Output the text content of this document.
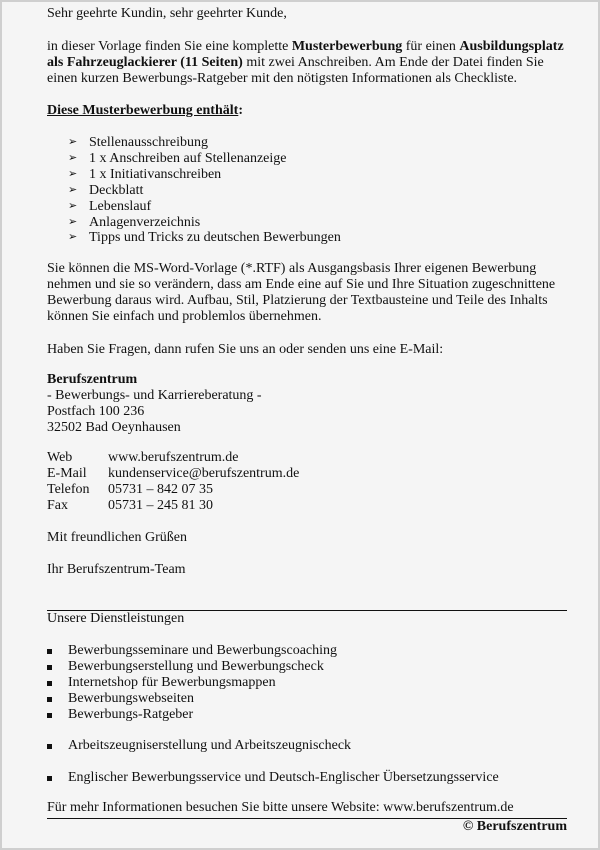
Sehr geehrte Kundin, sehr geehrter Kunde,
in dieser Vorlage finden Sie eine komplette Musterbewerbung für einen Ausbildungsplatz als Fahrzeuglackierer (11 Seiten) mit zwei Anschreiben. Am Ende der Datei finden Sie einen kurzen Bewerbungs-Ratgeber mit den nötigsten Informationen als Checkliste.
Diese Musterbewerbung enthält:
➢ Stellenausschreibung
➢ 1 x Anschreiben auf Stellenanzeige
➢ 1 x Initiativanschreiben
➢ Deckblatt
➢ Lebenslauf
➢ Anlagenverzeichnis
➢ Tipps und Tricks zu deutschen Bewerbungen
Sie können die MS-Word-Vorlage (*.RTF) als Ausgangsbasis Ihrer eigenen Bewerbung nehmen und sie so verändern, dass am Ende eine auf Sie und Ihre Situation zugeschnittene Bewerbung daraus wird. Aufbau, Stil, Platzierung der Textbausteine und Teile des Inhalts können Sie einfach und problemlos übernehmen.
Haben Sie Fragen, dann rufen Sie uns an oder senden uns eine E-Mail:
Berufszentrum
- Bewerbungs- und Karriereberatung -
Postfach 100 236
32502 Bad Oeynhausen
Web	www.berufszentrum.de
E-Mail kundenservice@berufszentrum.de
Telefon 05731 – 842 07 35
Fax	05731 – 245 81 30
Mit freundlichen Grüßen
Ihr Berufszentrum-Team
Unsere Dienstleistungen
Bewerbungsseminare und Bewerbungscoaching
Bewerbungserstellung und Bewerbungscheck
Internetshop für Bewerbungsmappen
Bewerbungswebseiten
Bewerbungs-Ratgeber
Arbeitszeugniserstellung und Arbeitszeugnischeck
Englischer Bewerbungsservice und Deutsch-Englischer Übersetzungsservice
Für mehr Informationen besuchen Sie bitte unsere Website: www.berufszentrum.de
© Berufszentrum
